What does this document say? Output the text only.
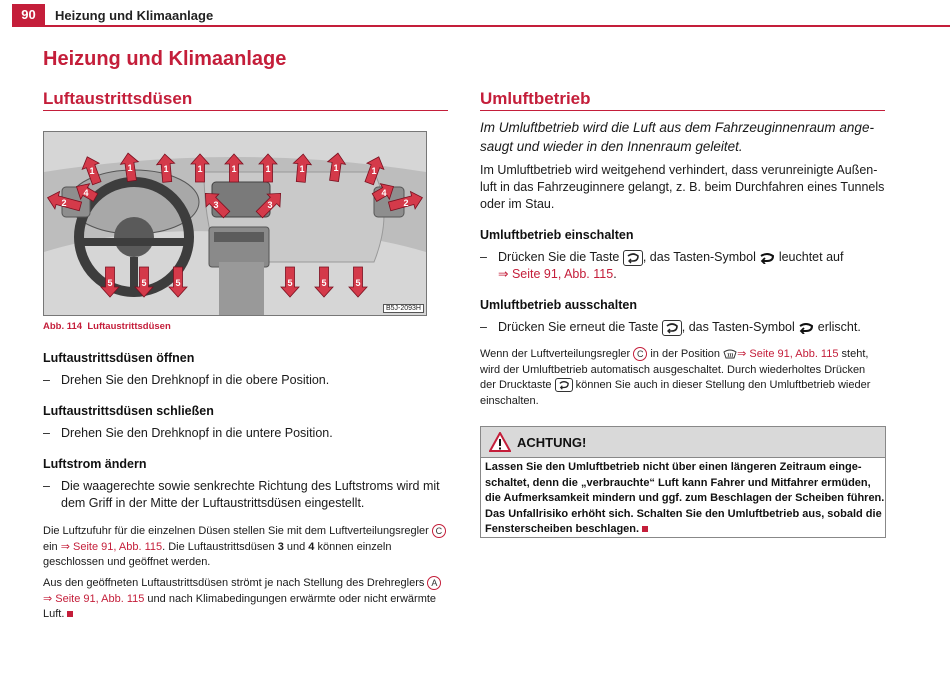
90	Heizung und Klimaanlage
Heizung und Klimaanlage
Luftaustrittsdüsen
1	1	1	1	1	1	1	1	1
2	2
3	3
4	4
5	5	5	5	5	5
B5J-2093H
Abb. 114 Luftaustrittsdüsen
Luftaustrittsdüsen öffnen
– Drehen Sie den Drehknopf in die obere Position.
Luftaustrittsdüsen schließen
– Drehen Sie den Drehknopf in die untere Position.
Luftstrom ändern
– Die waagerechte sowie senkrechte Richtung des Luftstroms wird mit
dem Griff in der Mitte der Luftaustrittsdüsen eingestellt.
Die Luftzufuhr für die einzelnen Düsen stellen Sie mit dem Luftverteilungsregler C
ein ⇒ Seite 91, Abb. 115. Die Luftaustrittsdüsen 3 und 4 können einzeln
geschlossen und geöffnet werden.
Aus den geöffneten Luftaustrittsdüsen strömt je nach Stellung des Drehreglers A
⇒ Seite 91, Abb. 115 und nach Klimabedingungen erwärmte oder nicht erwärmte
Luft.
Umluftbetrieb
Im Umluftbetrieb wird die Luft aus dem Fahrzeuginnenraum ange-
saugt und wieder in den Innenraum geleitet.
Im Umluftbetrieb wird weitgehend verhindert, dass verunreinigte Außen-
luft in das Fahrzeuginnere gelangt, z. B. beim Durchfahren eines Tunnels
oder im Stau.
Umluftbetrieb einschalten
– Drücken Sie die Taste
, das Tasten-Symbol  leuchtet auf
⇒ Seite 91, Abb. 115.
Umluftbetrieb ausschalten
– Drücken Sie erneut die Taste
, das Tasten-Symbol  erlischt.
Wenn der Luftverteilungsregler C in der Position ⇒ Seite 91, Abb. 115 steht,
wird der Umluftbetrieb automatisch ausgeschaltet. Durch wiederholtes Drücken
der Drucktaste
können Sie auch in dieser Stellung den Umluftbetrieb wieder
einschalten.
ACHTUNG!
Lassen Sie den Umluftbetrieb nicht über einen längeren Zeitraum einge-
schaltet, denn die „verbrauchte“ Luft kann Fahrer und Mitfahrer ermüden,
die Aufmerksamkeit mindern und ggf. zum Beschlagen der Scheiben führen.
Das Unfallrisiko erhöht sich. Schalten Sie den Umluftbetrieb aus, sobald die
Fensterscheiben beschlagen.
